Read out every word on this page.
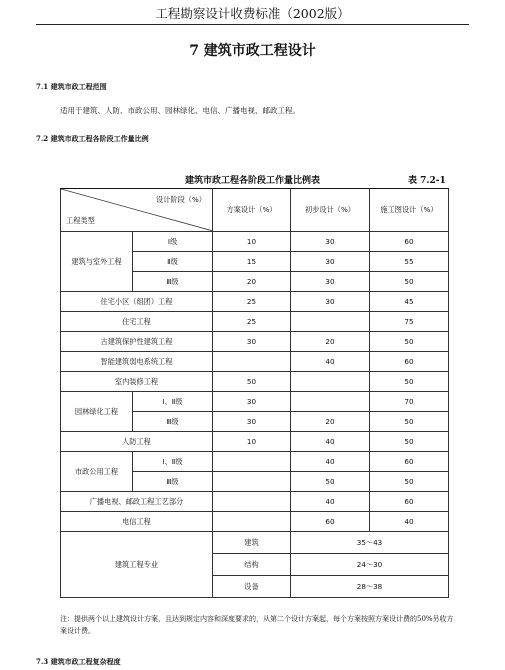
工程勘察设计收费标准（2002版）
7 建筑市政工程设计
7.1 建筑市政工程范围
适用于建筑、人防、市政公用、园林绿化、电信、广播电视、邮政工程。
7.2 建筑市政工程各阶段工作量比例
建筑市政工程各阶段工作量比例表	表 7.2-1
设计阶段（%）
工程类型		方案设计（%）	初步设计（%）	施工图设计（%）
建筑与室外工程	Ⅰ级	10	30	60
	Ⅱ级	15	30	55
	Ⅲ级	20	30	50
住宅小区（组团）工程		25	30	45
住宅工程		25		75
古建筑保护性建筑工程		30	20	50
智能建筑弱电系统工程			40	60
室内装修工程		50		50
园林绿化工程	Ⅰ、Ⅱ级	30		70
	Ⅲ级	30	20	50
人防工程		10	40	50
市政公用工程	Ⅰ、Ⅱ级		40	60
	Ⅲ级		50	50
广播电视、邮政工程工艺部分			40	60
电信工程			60	40
建筑工程专业		建筑	35～43	
		结构	24～30	
		设备	28～38	
注：提供两个以上建筑设计方案，且达到规定内容和深度要求的，从第二个设计方案起，每个方案按照方案设计费的50%另收方案设计费。
7.3 建筑市政工程复杂程度
